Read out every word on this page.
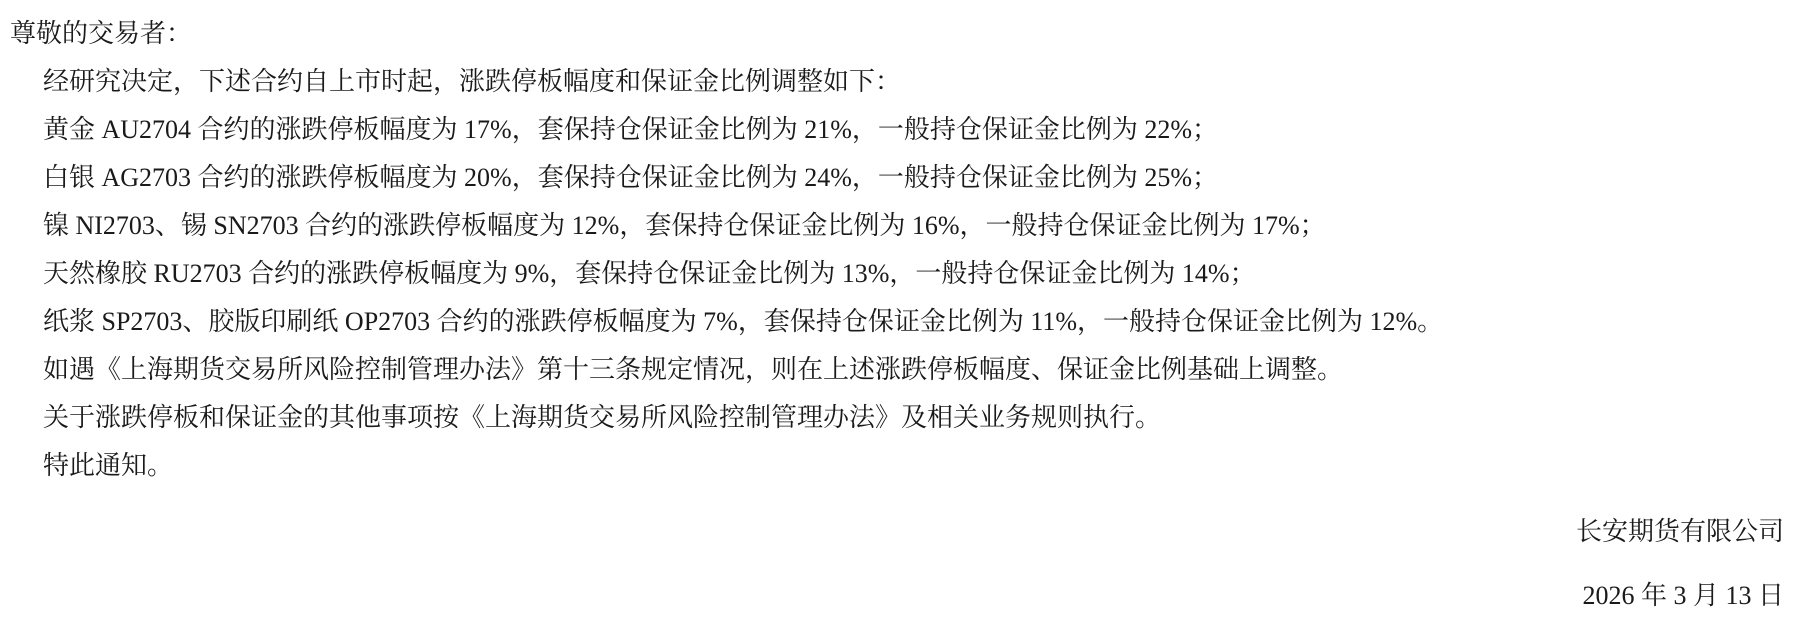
尊敬的交易者：

经研究决定，下述合约自上市时起，涨跌停板幅度和保证金比例调整如下：

黄金 AU2704 合约的涨跌停板幅度为 17%，套保持仓保证金比例为 21%，一般持仓保证金比例为 22%；

白银 AG2703 合约的涨跌停板幅度为 20%，套保持仓保证金比例为 24%，一般持仓保证金比例为 25%；

镍 NI2703、锡 SN2703 合约的涨跌停板幅度为 12%，套保持仓保证金比例为 16%，一般持仓保证金比例为 17%；

天然橡胶 RU2703 合约的涨跌停板幅度为 9%，套保持仓保证金比例为 13%，一般持仓保证金比例为 14%；

纸浆 SP2703、胶版印刷纸 OP2703 合约的涨跌停板幅度为 7%，套保持仓保证金比例为 11%，一般持仓保证金比例为 12%。

如遇《上海期货交易所风险控制管理办法》第十三条规定情况，则在上述涨跌停板幅度、保证金比例基础上调整。

关于涨跌停板和保证金的其他事项按《上海期货交易所风险控制管理办法》及相关业务规则执行。

特此通知。

长安期货有限公司

2026 年 3 月 13 日
